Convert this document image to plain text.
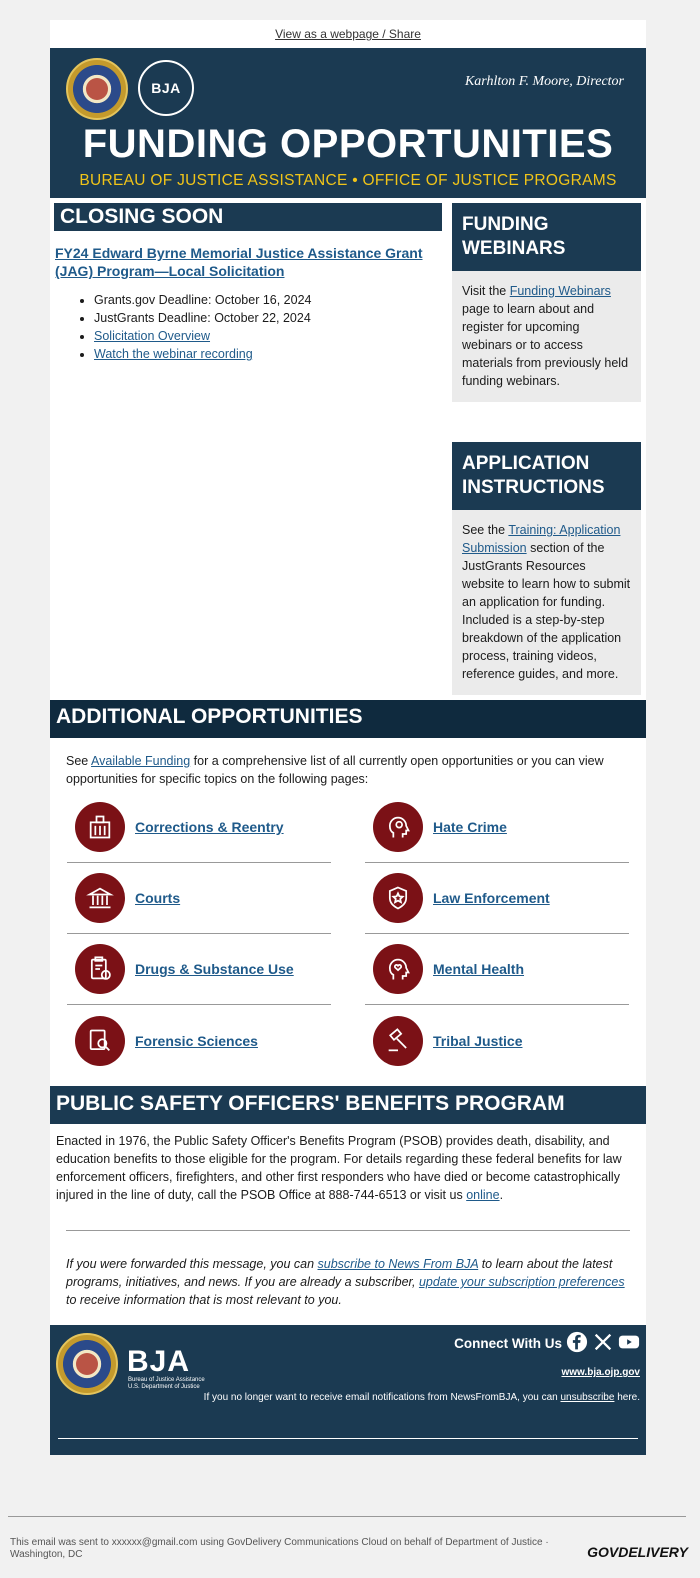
View as a webpage / Share
BJA	Karhlton F. Moore, Director
FUNDING OPPORTUNITIES
BUREAU OF JUSTICE ASSISTANCE • OFFICE OF JUSTICE PROGRAMS
CLOSING SOON
FY24 Edward Byrne Memorial Justice Assistance Grant (JAG) Program—Local Solicitation
• Grants.gov Deadline: October 16, 2024
• JustGrants Deadline: October 22, 2024
• Solicitation Overview
• Watch the webinar recording
FUNDING WEBINARS
Visit the Funding Webinars page to learn about and register for upcoming webinars or to access materials from previously held funding webinars.
APPLICATION INSTRUCTIONS
See the Training: Application Submission section of the JustGrants Resources website to learn how to submit an application for funding. Included is a step-by-step breakdown of the application process, training videos, reference guides, and more.
ADDITIONAL OPPORTUNITIES
See Available Funding for a comprehensive list of all currently open opportunities or you can view opportunities for specific topics on the following pages:
Corrections & Reentry	Hate Crime
Courts	Law Enforcement
Drugs & Substance Use	Mental Health
Forensic Sciences	Tribal Justice
PUBLIC SAFETY OFFICERS' BENEFITS PROGRAM
Enacted in 1976, the Public Safety Officer's Benefits Program (PSOB) provides death, disability, and education benefits to those eligible for the program. For details regarding these federal benefits for law enforcement officers, firefighters, and other first responders who have died or become catastrophically injured in the line of duty, call the PSOB Office at 888-744-6513 or visit us online.
If you were forwarded this message, you can subscribe to News From BJA to learn about the latest programs, initiatives, and news. If you are already a subscriber, update your subscription preferences to receive information that is most relevant to you.
BJA
Bureau of Justice Assistance
U.S. Department of Justice
Connect With Us
www.bja.ojp.gov
If you no longer want to receive email notifications from NewsFromBJA, you can unsubscribe here.
This email was sent to xxxxxx@gmail.com using GovDelivery Communications Cloud on behalf of Department of Justice · Washington, DC	GOVDELIVERY
